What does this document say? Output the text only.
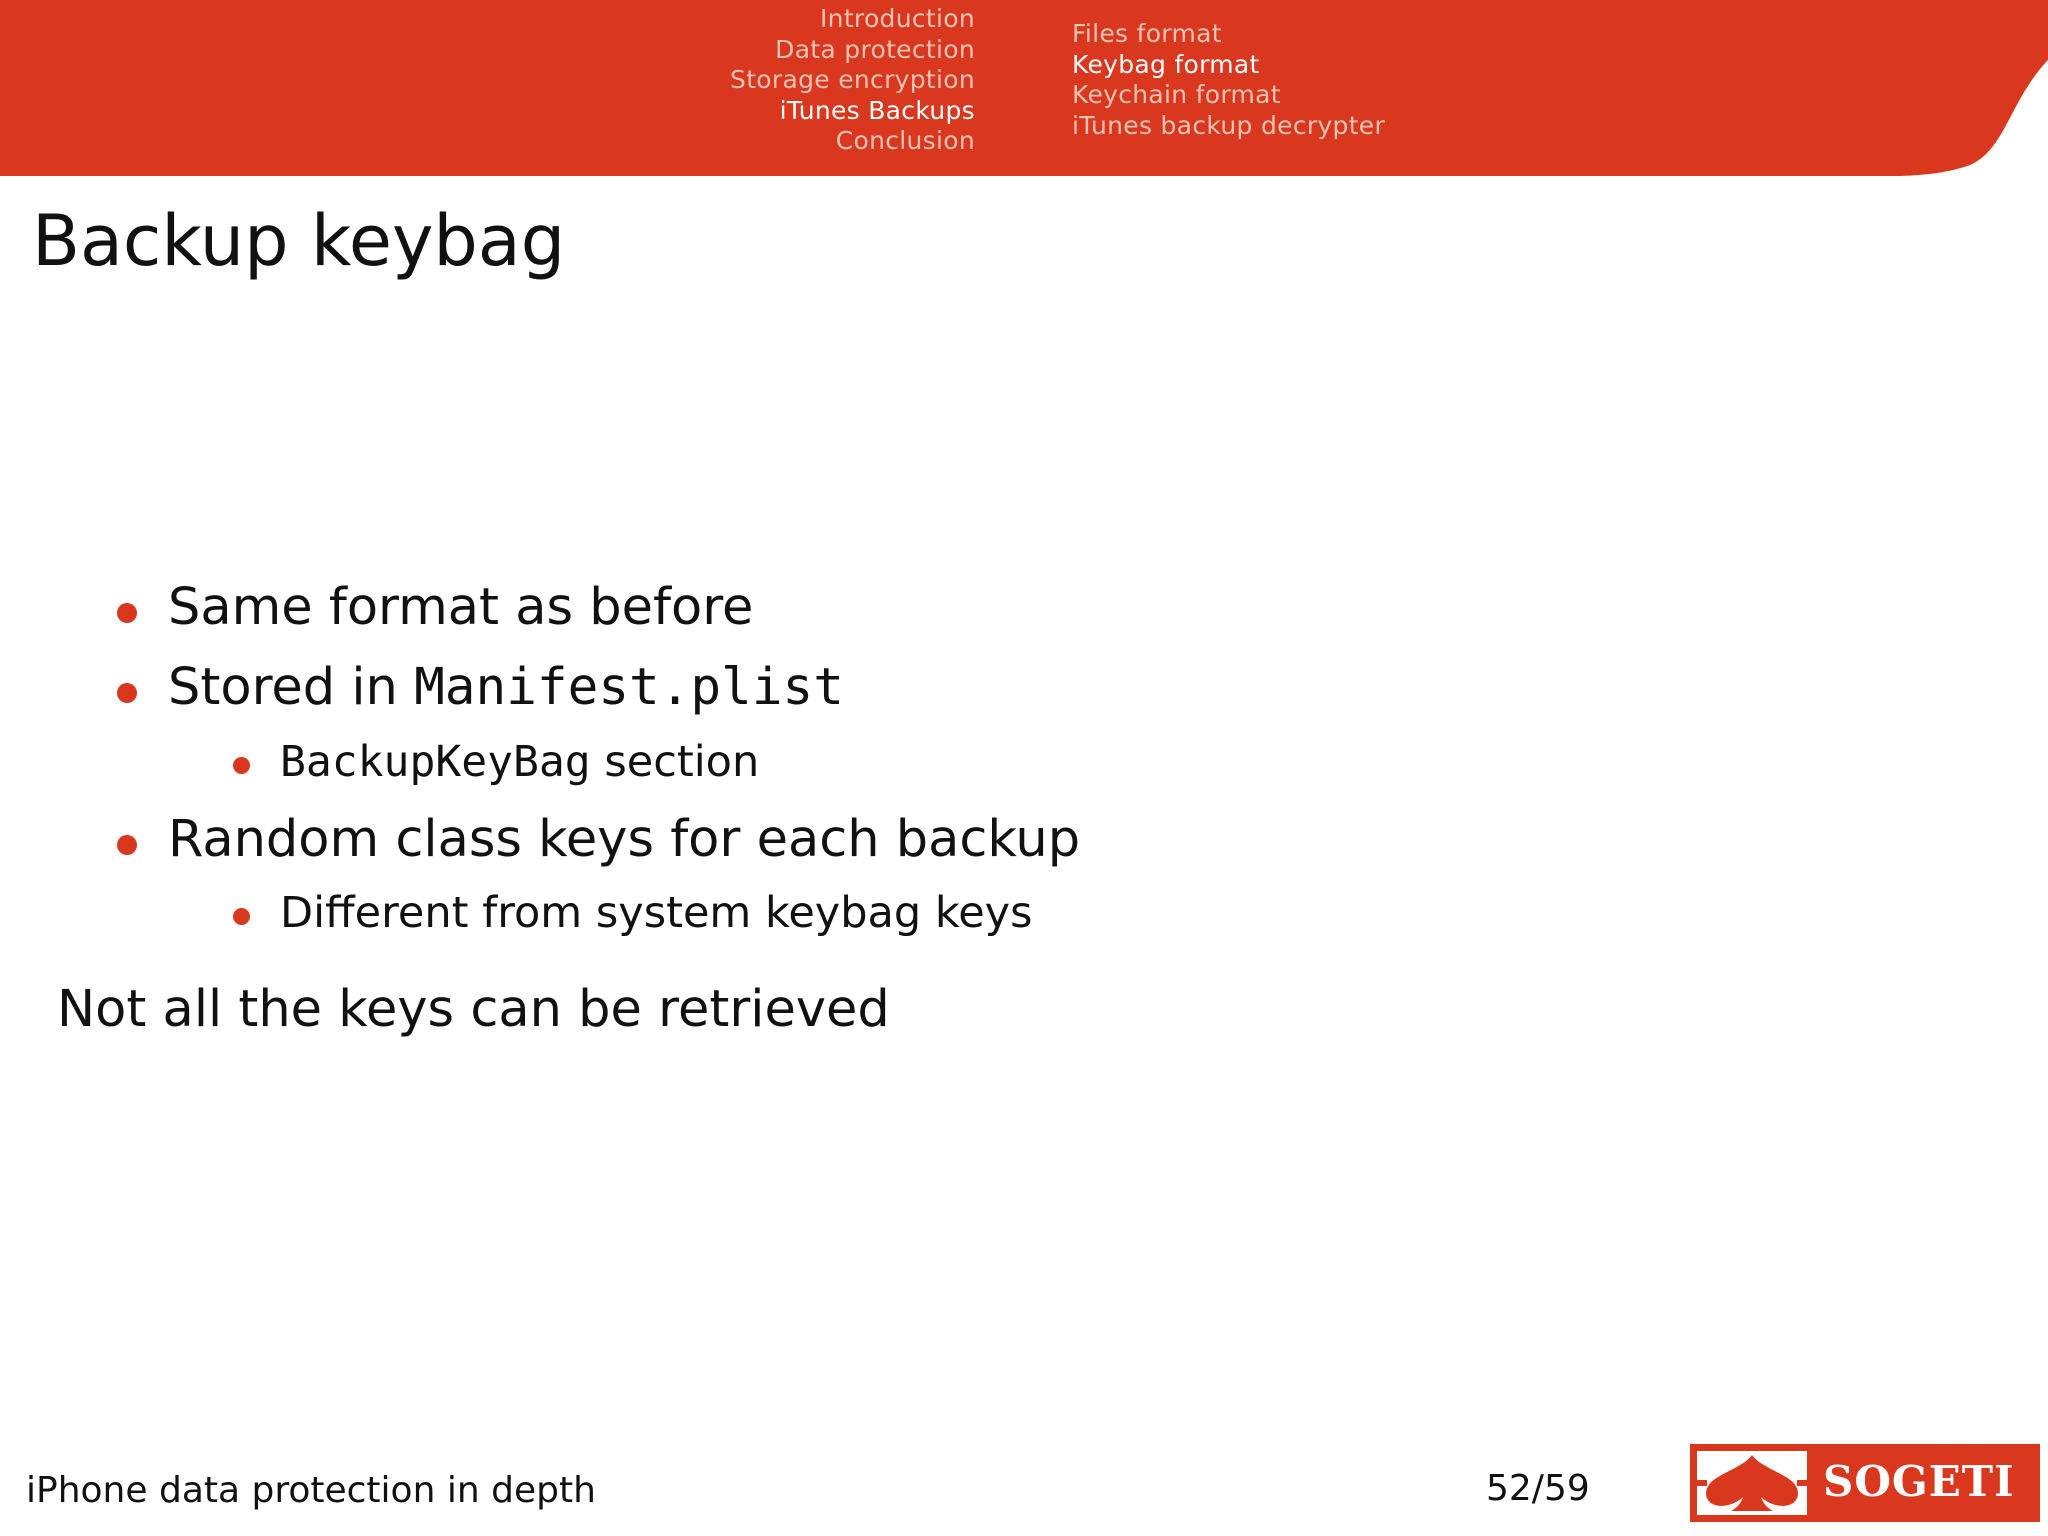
Introduction
Data protection
Storage encryption
iTunes Backups
Conclusion
Files format
Keybag format
Keychain format
iTunes backup decrypter
Backup keybag
Same format as before
Stored in Manifest.plist
BackupKeyBag section
Random class keys for each backup
Different from system keybag keys
Not all the keys can be retrieved
iPhone data protection in depth	52/59	SOGETI
